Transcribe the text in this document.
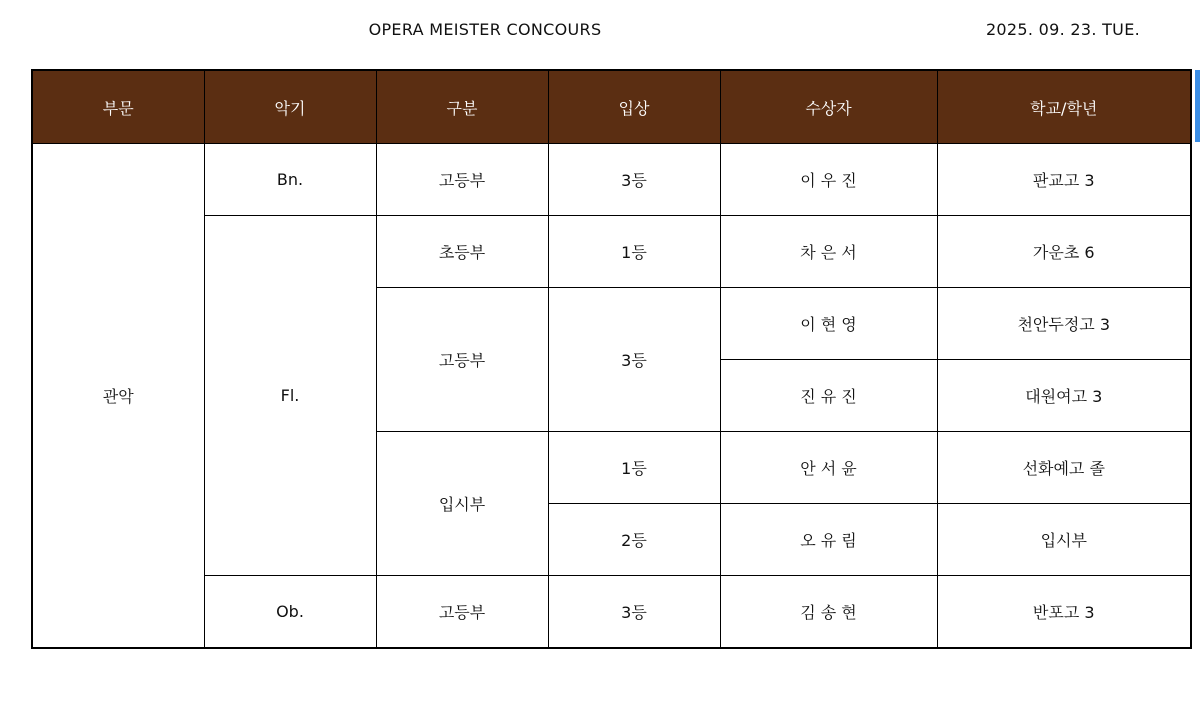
OPERA MEISTER CONCOURS	2025. 09. 23. TUE.
부문	악기	구분	입상	수상자	학교/학년
관악	Bn.	고등부	3등	이 우 진	판교고 3
	Fl.	초등부	1등	차 은 서	가운초 6
		고등부	3등	이 현 영	천안두정고 3
				진 유 진	대원여고 3
		입시부	1등	안 서 윤	선화예고 졸
			2등	오 유 림	입시부
	Ob.	고등부	3등	김 송 현	반포고 3
